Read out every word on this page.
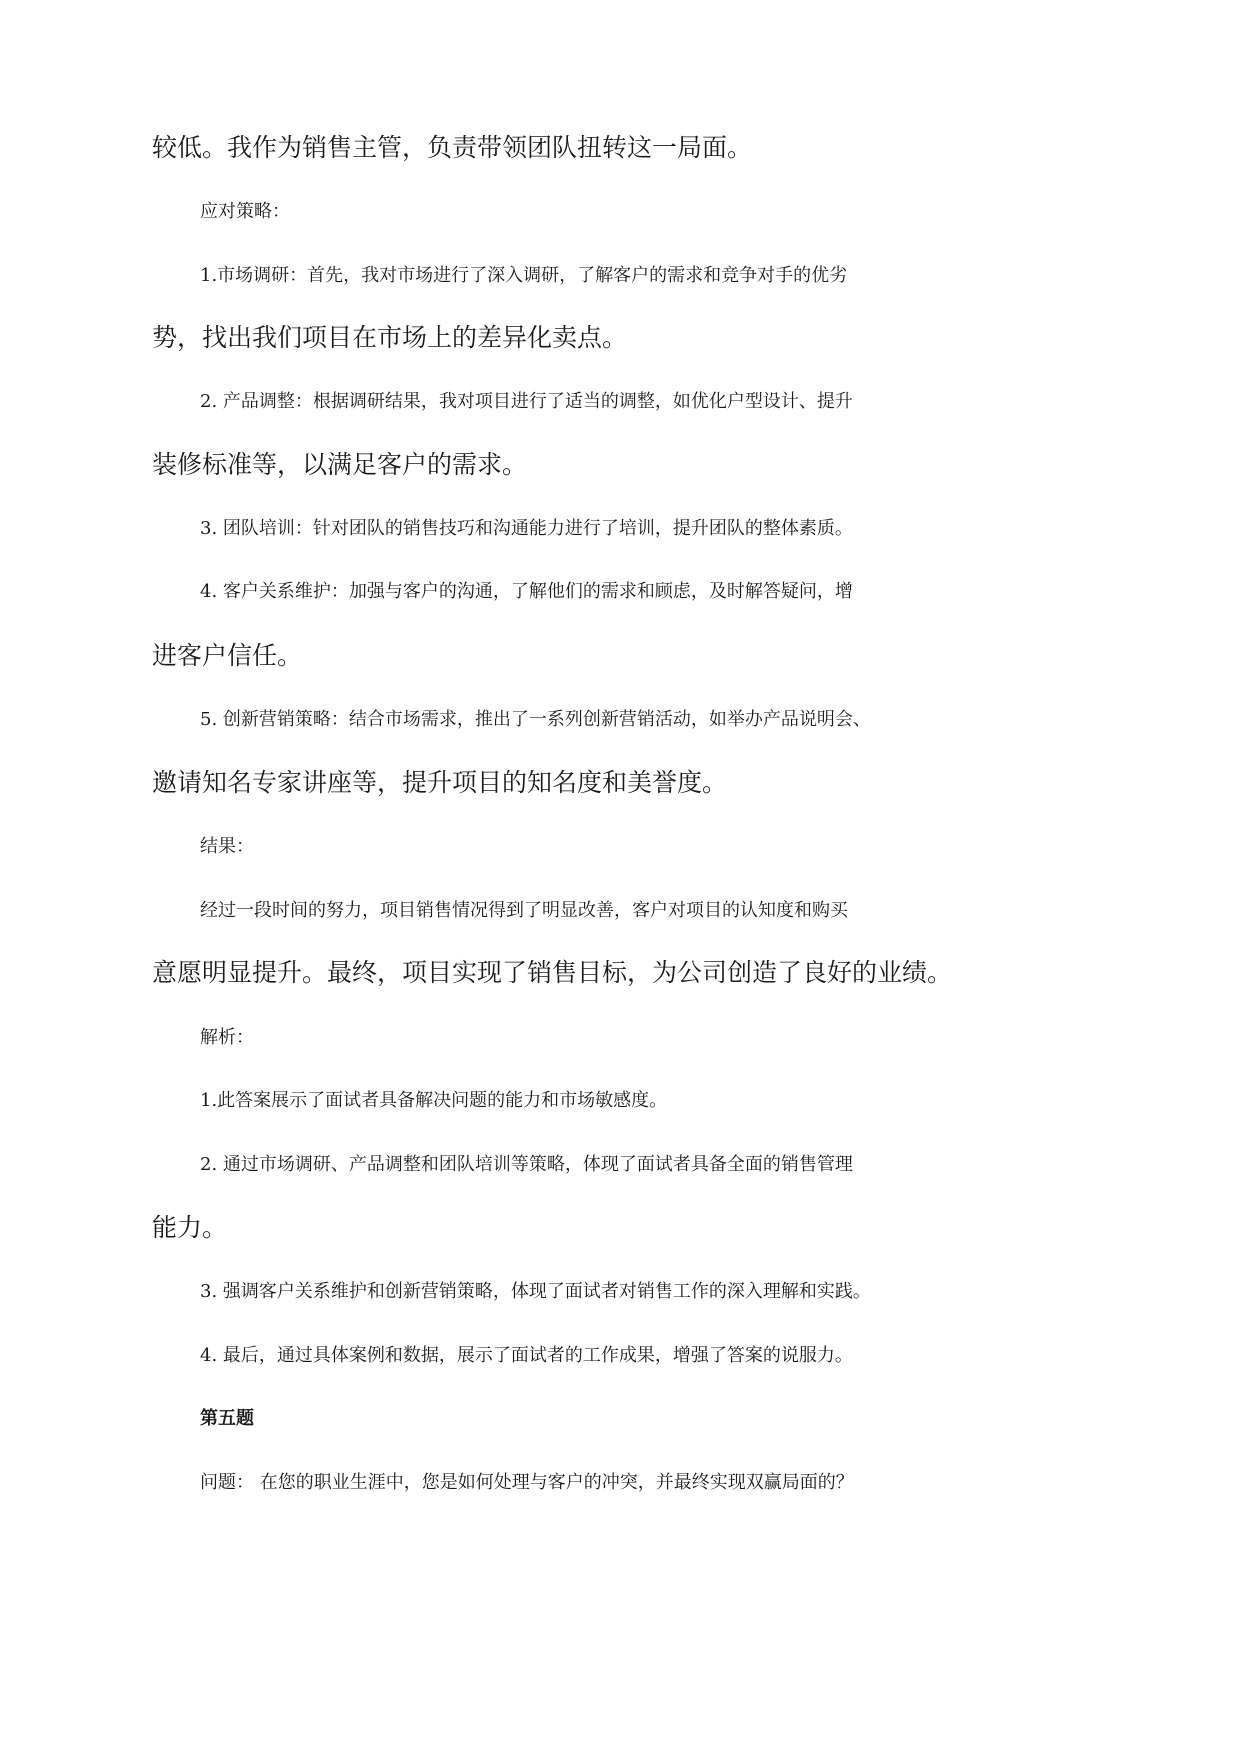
较低。我作为销售主管，负责带领团队扭转这一局面。
应对策略：
1.市场调研：首先，我对市场进行了深入调研，了解客户的需求和竞争对手的优劣
势，找出我们项目在市场上的差异化卖点。
2. 产品调整：根据调研结果，我对项目进行了适当的调整，如优化户型设计、提升
装修标准等，以满足客户的需求。
3. 团队培训：针对团队的销售技巧和沟通能力进行了培训，提升团队的整体素质。
4. 客户关系维护：加强与客户的沟通，了解他们的需求和顾虑，及时解答疑问，增
进客户信任。
5. 创新营销策略：结合市场需求，推出了一系列创新营销活动，如举办产品说明会、
邀请知名专家讲座等，提升项目的知名度和美誉度。
结果：
经过一段时间的努力，项目销售情况得到了明显改善，客户对项目的认知度和购买
意愿明显提升。最终，项目实现了销售目标，为公司创造了良好的业绩。
解析：
1.此答案展示了面试者具备解决问题的能力和市场敏感度。
2. 通过市场调研、产品调整和团队培训等策略，体现了面试者具备全面的销售管理
能力。
3. 强调客户关系维护和创新营销策略，体现了面试者对销售工作的深入理解和实践。
4. 最后，通过具体案例和数据，展示了面试者的工作成果，增强了答案的说服力。
第五题
问题： 在您的职业生涯中，您是如何处理与客户的冲突，并最终实现双赢局面的？
